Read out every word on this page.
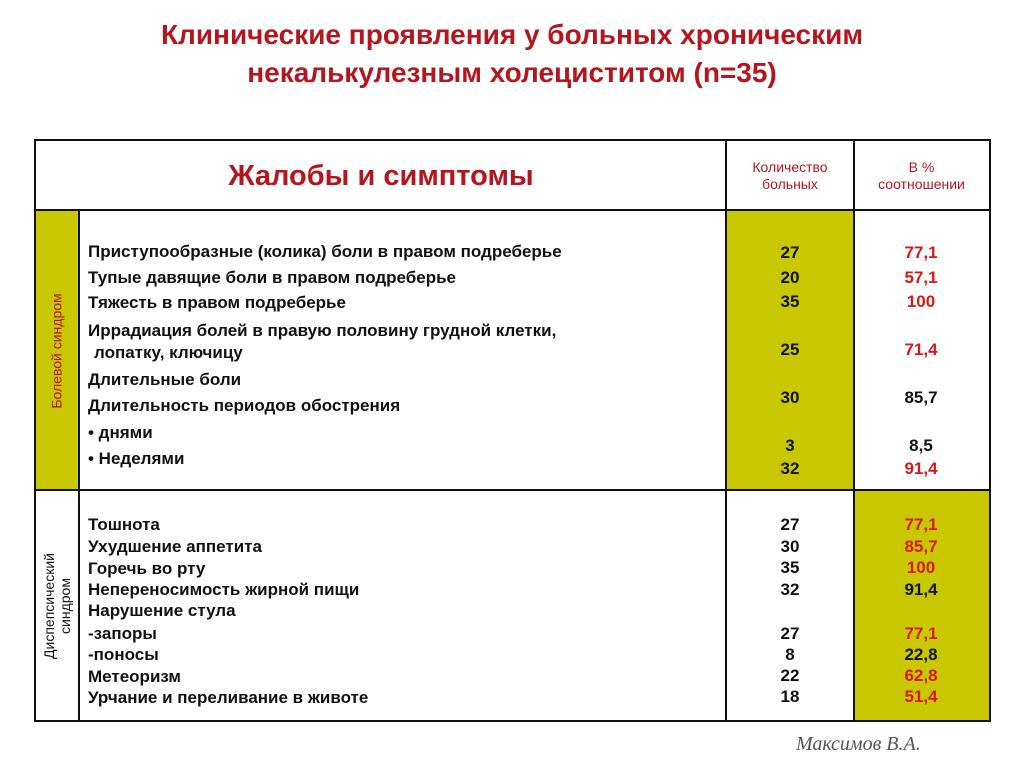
Клинические проявления у больных хроническим
некалькулезным холециститом (n=35)
Жалобы и симптомы	Количество
больных
В %
соотношении
Болевой синдром
Диспепсический синдром
Приступообразные (колика) боли в правом подреберье
Тупые давящие боли в правом подреберье
Тяжесть в правом подреберье
Иррадиация болей в правую половину грудной клетки,
лопатку, ключицу
Длительные боли
Длительность периодов обострения
• днями
• Неделями
27
20
35
25
30
3
32
77,1
57,1
100
71,4
85,7
8,5
91,4
Тошнота
Ухудшение аппетита
Горечь во рту
Непереносимость жирной пищи
Нарушение стула
-запоры
-поносы
Метеоризм
Урчание и переливание в животе
27
30
35
32
27
8
22
18
77,1
85,7
100
91,4
77,1
22,8
62,8
51,4
Максимов В.А.
